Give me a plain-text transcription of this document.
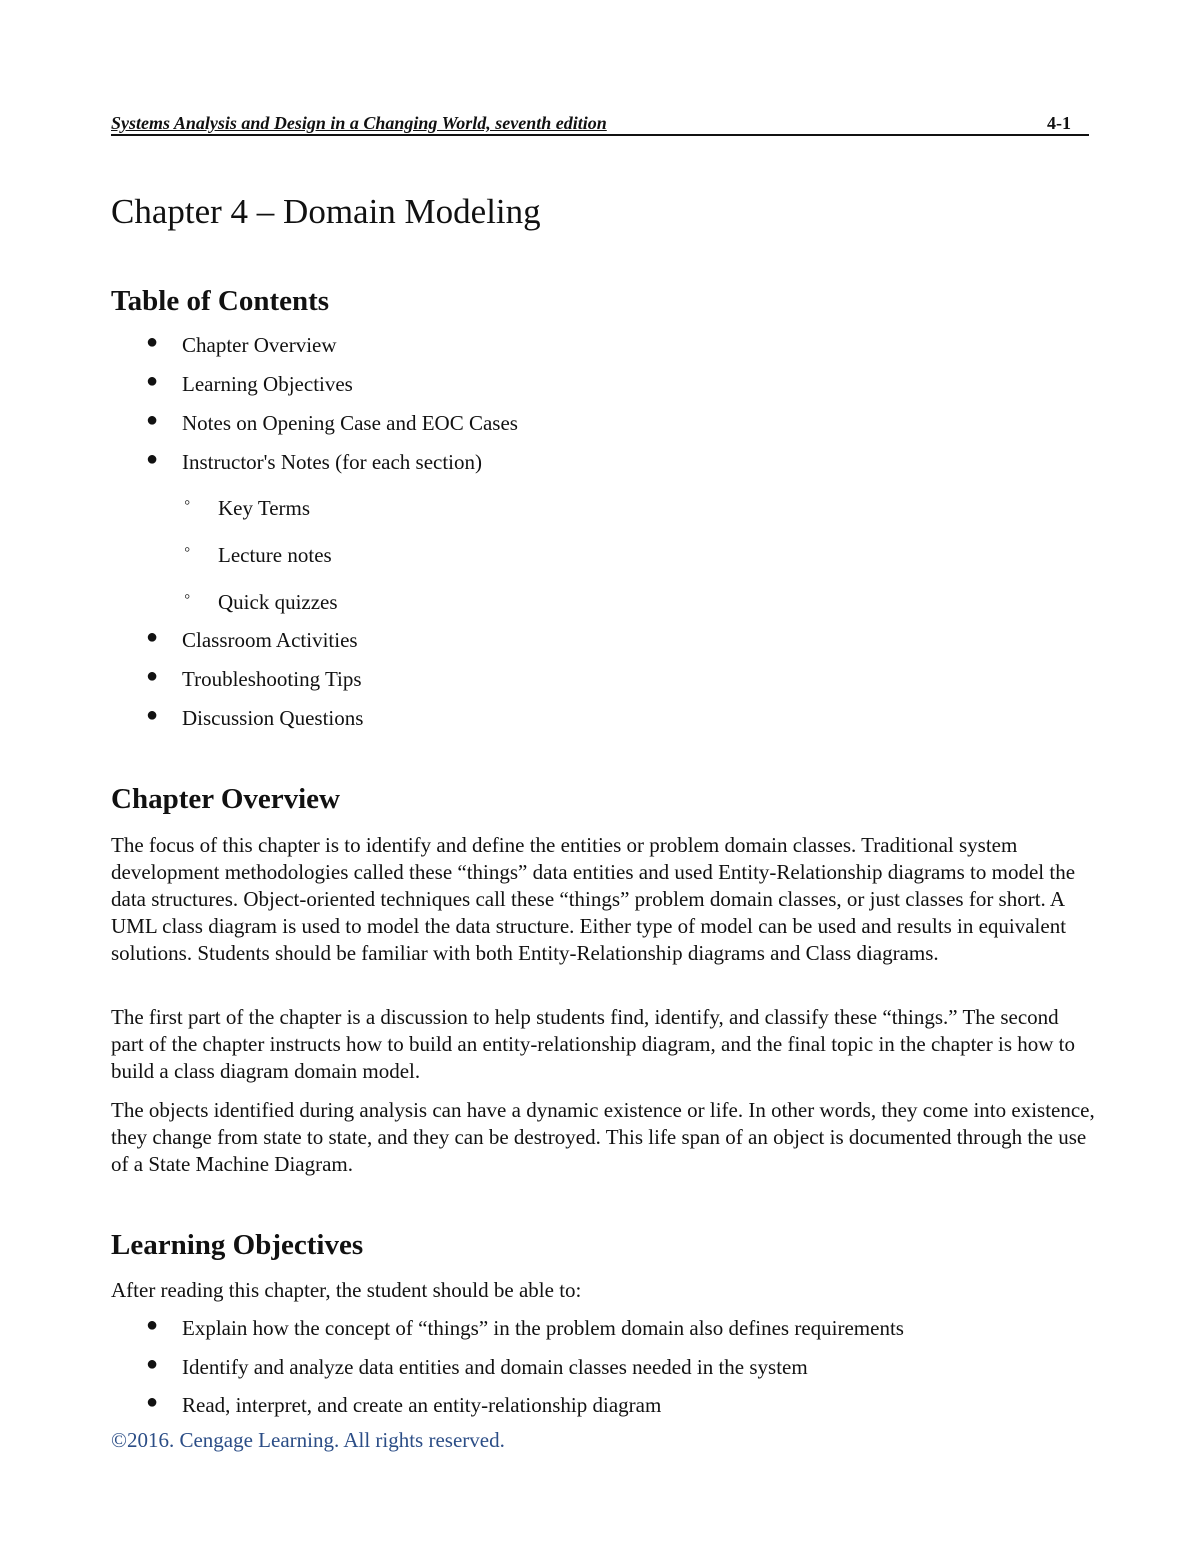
Systems Analysis and Design in a Changing World, seventh edition	4-1
Chapter 4 – Domain Modeling
Table of Contents
● Chapter Overview
● Learning Objectives
● Notes on Opening Case and EOC Cases
● Instructor's Notes (for each section)
◦ Key Terms
◦ Lecture notes
◦ Quick quizzes
● Classroom Activities
● Troubleshooting Tips
● Discussion Questions
Chapter Overview

The focus of this chapter is to identify and define the entities or problem domain classes. Traditional system development methodologies called these “things” data entities and used Entity-Relationship diagrams to model the data structures. Object-oriented techniques call these “things” problem domain classes, or just classes for short. A UML class diagram is used to model the data structure. Either type of model can be used and results in equivalent solutions. Students should be familiar with both Entity-Relationship diagrams and Class diagrams.

The first part of the chapter is a discussion to help students find, identify, and classify these “things.” The second part of the chapter instructs how to build an entity-relationship diagram, and the final topic in the chapter is how to build a class diagram domain model.

The objects identified during analysis can have a dynamic existence or life. In other words, they come into existence, they change from state to state, and they can be destroyed. This life span of an object is documented through the use of a State Machine Diagram.

Learning Objectives

After reading this chapter, the student should be able to:

● Explain how the concept of “things” in the problem domain also defines requirements
● Identify and analyze data entities and domain classes needed in the system
● Read, interpret, and create an entity-relationship diagram
©2016. Cengage Learning. All rights reserved.
